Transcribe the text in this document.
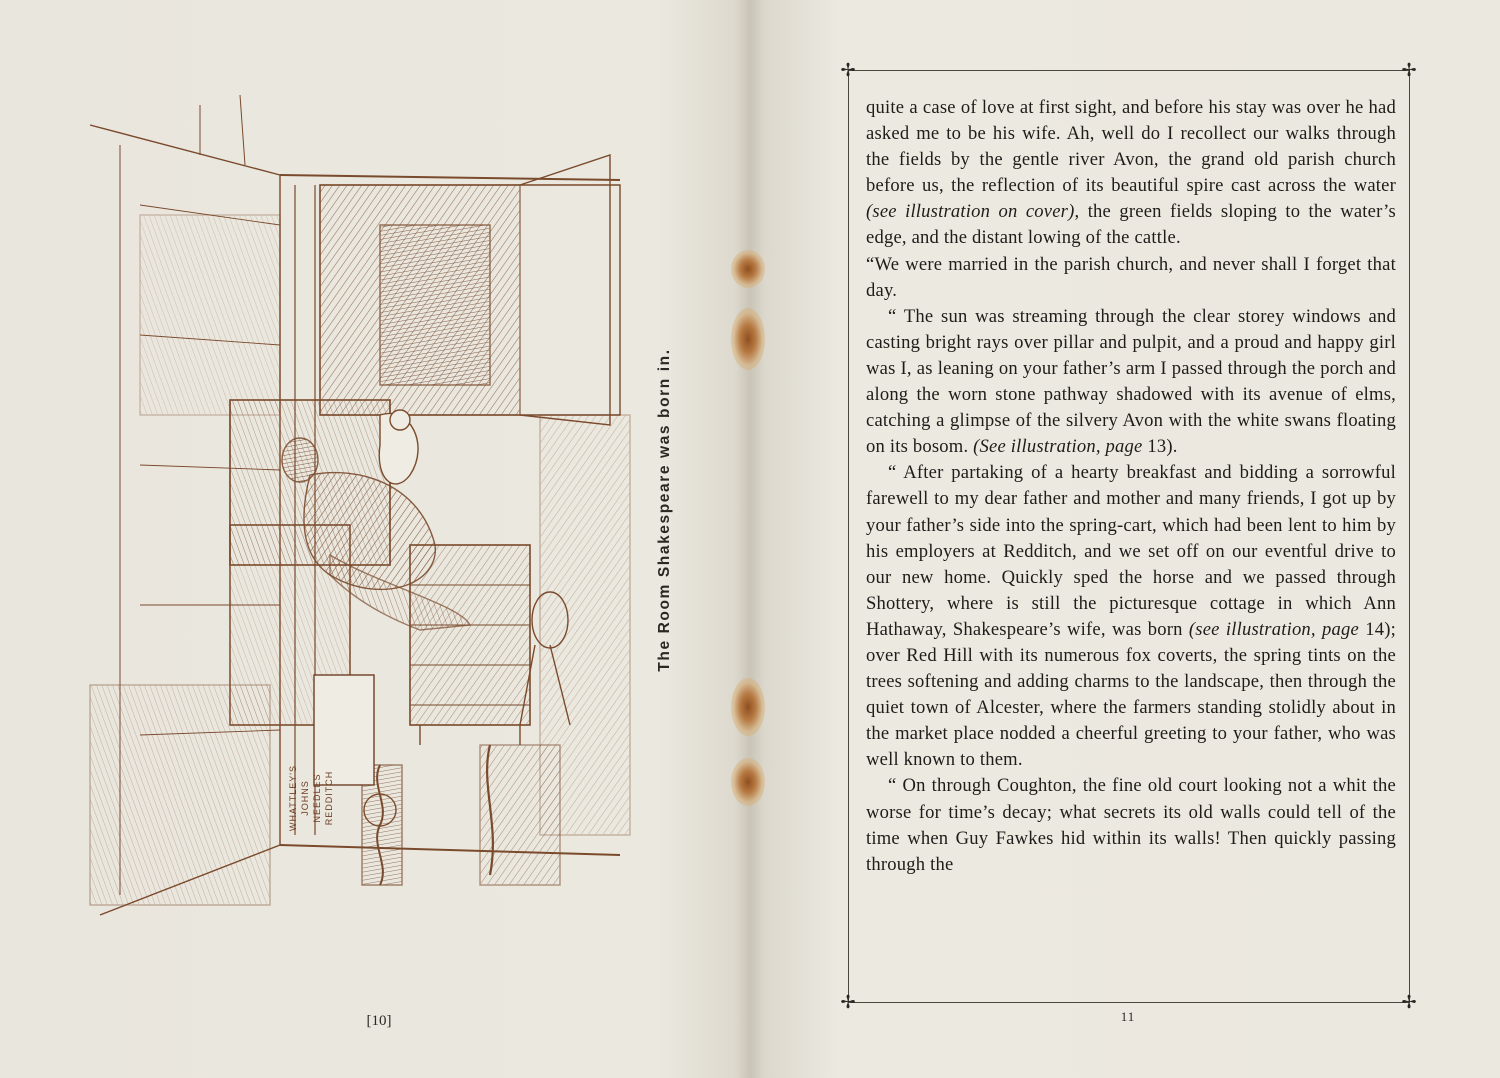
WHATTLEY'S JOHNS NEEDLES REDDITCH
The Room Shakespeare was born in.
[10]
✢	✢
✢	✢

quite a case of love at first sight, and before his stay was over he had asked me to be his wife. Ah, well do I recollect our walks through the fields by the gentle river Avon, the grand old parish church before us, the reflection of its beautiful spire cast across the water (see illustration on cover), the green fields sloping to the water’s edge, and the distant lowing of the cattle.

“We were married in the parish church, and never shall I forget that day.

“ The sun was streaming through the clear storey windows and casting bright rays over pillar and pulpit, and a proud and happy girl was I, as leaning on your father’s arm I passed through the porch and along the worn stone pathway shadowed with its avenue of elms, catching a glimpse of the silvery Avon with the white swans floating on its bosom. (See illustration, page 13).

“ After partaking of a hearty breakfast and bidding a sorrowful farewell to my dear father and mother and many friends, I got up by your father’s side into the spring-cart, which had been lent to him by his employers at Redditch, and we set off on our eventful drive to our new home. Quickly sped the horse and we passed through Shottery, where is still the picturesque cottage in which Ann Hathaway, Shakespeare’s wife, was born (see illustration, page 14); over Red Hill with its numerous fox coverts, the spring tints on the trees softening and adding charms to the landscape, then through the quiet town of Alcester, where the farmers standing stolidly about in the market place nodded a cheerful greeting to your father, who was well known to them.

“ On through Coughton, the fine old court looking not a whit the worse for time’s decay; what secrets its old walls could tell of the time when Guy Fawkes hid within its walls! Then quickly passing through the

11
